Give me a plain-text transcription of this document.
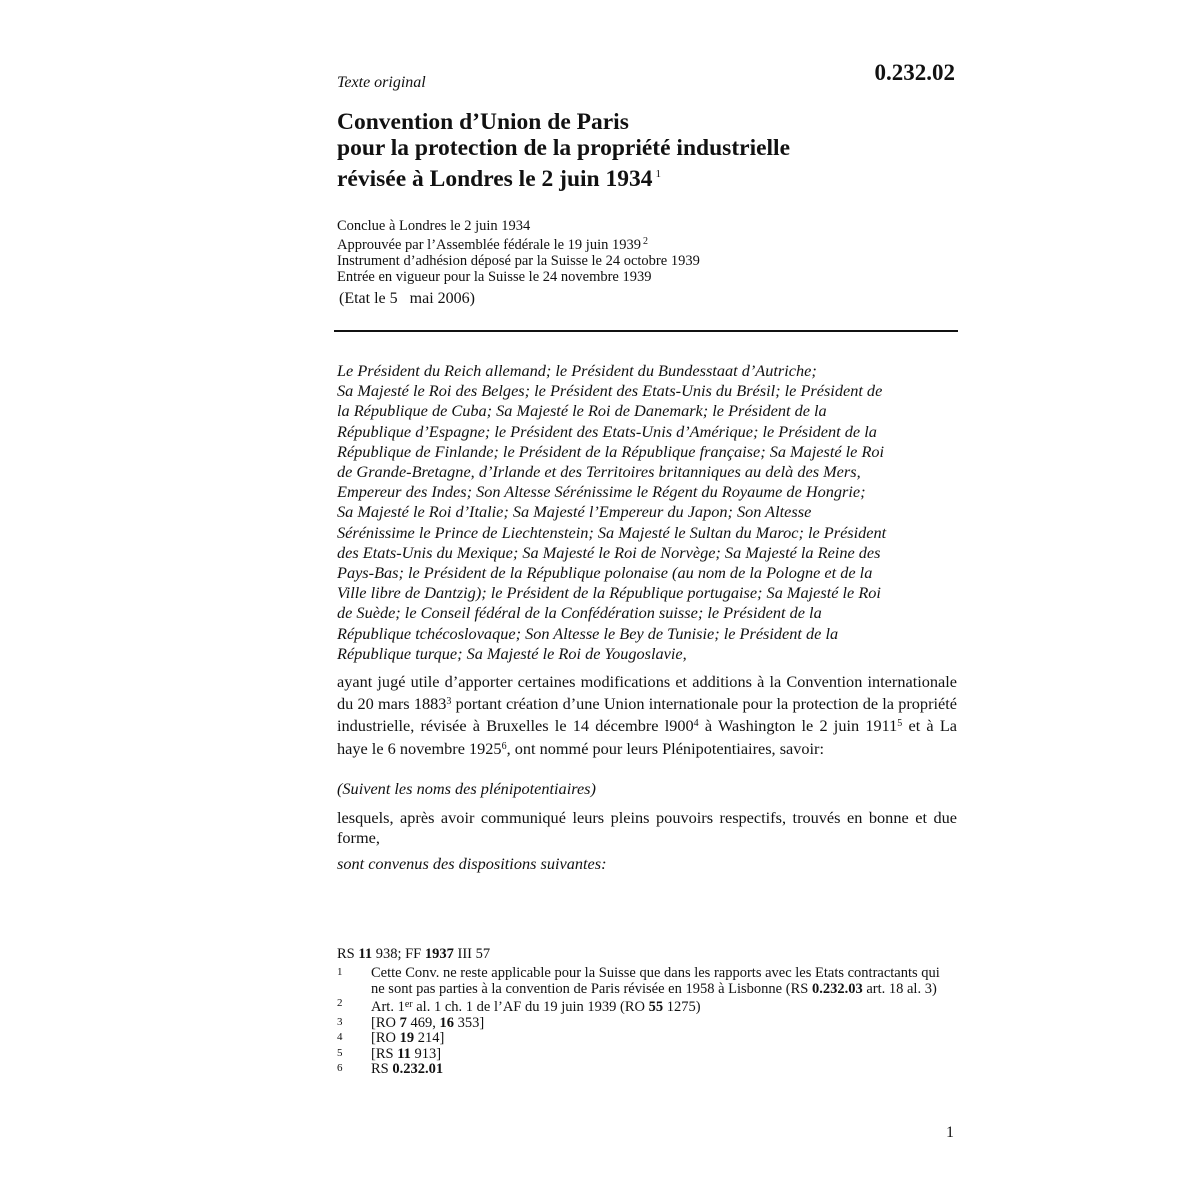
0.232.02
Texte original
Convention d’Union de Paris
pour la protection de la propriété industrielle
révisée à Londres le 2 juin 1934 $^1$
Conclue à Londres le 2 juin 1934
Approuvée par l’Assemblée fédérale le 19 juin 1939 $^2$
Instrument d’adhésion déposé par la Suisse le 24 octobre 1939
Entrée en vigueur pour la Suisse le 24 novembre 1939
(Etat le 5   mai 2006)
Le Président du Reich allemand; le Président du Bundesstaat d’Autriche;
Sa Majesté le Roi des Belges; le Président des Etats-Unis du Brésil; le Président de
la République de Cuba; Sa Majesté le Roi de Danemark; le Président de la
République d’Espagne; le Président des Etats-Unis d’Amérique; le Président de la
République de Finlande; le Président de la République française; Sa Majesté le Roi
de Grande-Bretagne, d’Irlande et des Territoires britanniques au delà des Mers,
Empereur des Indes; Son Altesse Sérénissime le Régent du Royaume de Hongrie;
Sa Majesté le Roi d’Italie; Sa Majesté l’Empereur du Japon; Son Altesse
Sérénissime le Prince de Liechtenstein; Sa Majesté le Sultan du Maroc; le Président
des Etats-Unis du Mexique; Sa Majesté le Roi de Norvège; Sa Majesté la Reine des
Pays-Bas; le Président de la République polonaise (au nom de la Pologne et de la
Ville libre de Dantzig); le Président de la République portugaise; Sa Majesté le Roi
de Suède; le Conseil fédéral de la Confédération suisse; le Président de la
République tchécoslovaque; Son Altesse le Bey de Tunisie; le Président de la
République turque; Sa Majesté le Roi de Yougoslavie,
ayant jugé utile d’apporter certaines modifications et additions à la Convention internationale du 20 mars 1883$^3$ portant création d’une Union internationale pour la protection de la propriété industrielle, révisée à Bruxelles le 14 décembre $l900^4$ à Washington le 2 juin 1911$^5$ et à La haye le 6 novembre 1925$^6$, ont nommé pour leurs Plénipotentiaires, savoir:
(Suivent les noms des plénipotentiaires)
lesquels, après avoir communiqué leurs pleins pouvoirs respectifs, trouvés en bonne et due forme,
sont convenus des dispositions suivantes:
RS 11 938; FF 1937 III 57
1	Cette Conv. ne reste applicable pour la Suisse que dans les rapports avec les Etats contractants qui ne sont pas parties à la convention de Paris révisée en 1958 à Lisbonne (RS 0.232.03 art. 18 al. 3)
2	Art. 1er al. 1 ch. 1 de l’AF du 19 juin 1939 (RO 55 1275)
3	[RO 7 469, 16 353]
4	[RO 19 214]
5	[RS 11 913]
6	RS 0.232.01
1
